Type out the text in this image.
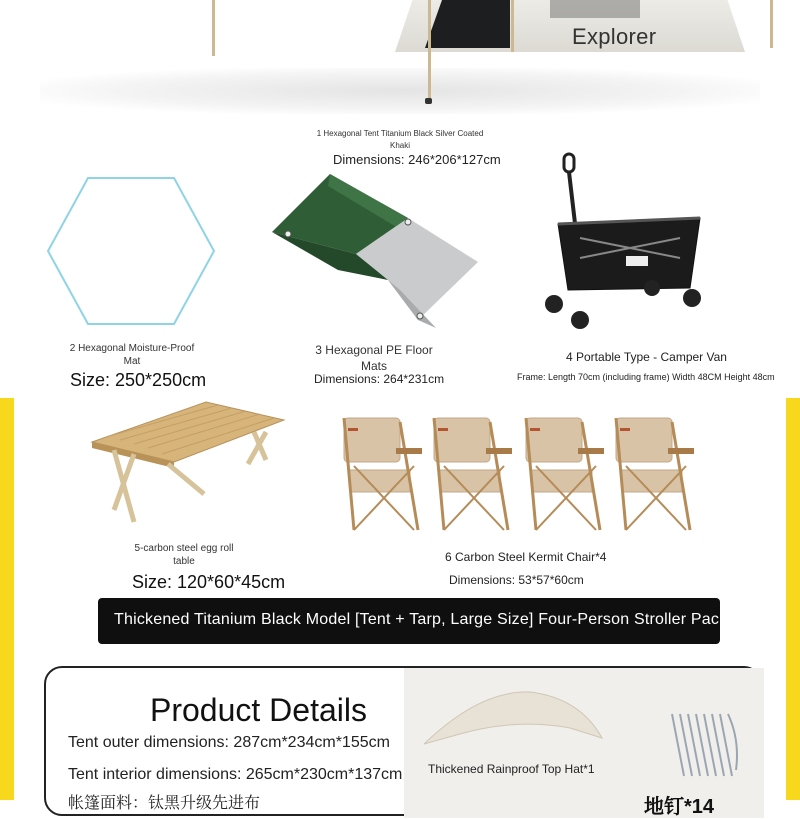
Explorer
1 Hexagonal Tent Titanium Black Silver Coated
Khaki
Dimensions: 246*206*127cm
2 Hexagonal Moisture-Proof
Mat
Size: 250*250cm
3 Hexagonal PE Floor
Mats
Dimensions: 264*231cm
4 Portable Type - Camper Van
Frame: Length 70cm (including frame) Width 48CM Height 48cm
5-carbon steel egg roll
table
Size: 120*60*45cm
6 Carbon Steel Kermit Chair*4
Dimensions: 53*57*60cm
Thickened Titanium Black Model [Tent + Tarp, Large Size] Four-Person Stroller Package
Product Details
Tent outer dimensions: 287cm*234cm*155cm
Tent interior dimensions: 265cm*230cm*137cm
帐篷面料：钛黑升级先进布
Thickened Rainproof Top Hat*1
地钉*14
